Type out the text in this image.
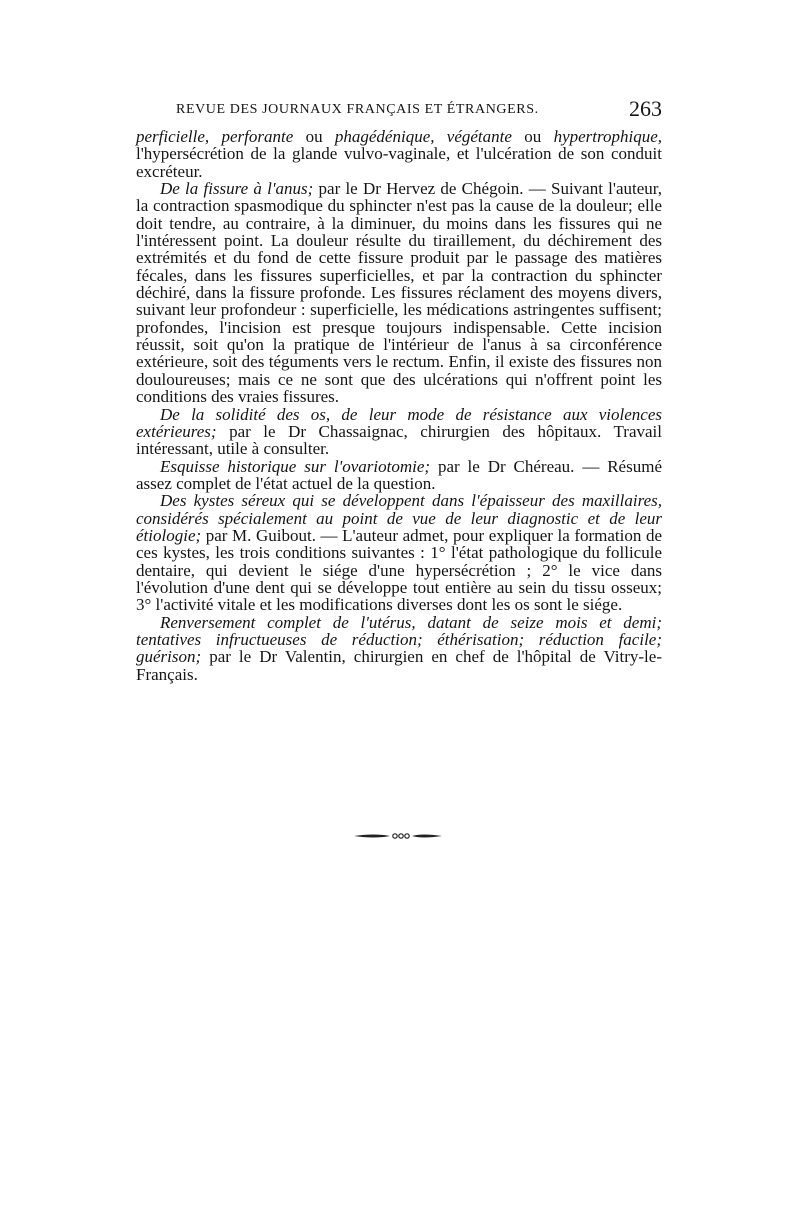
REVUE DES JOURNAUX FRANÇAIS ET ÉTRANGERS.	263

perficielle, perforante ou phagédénique, végétante ou hypertrophique, l'hypersécrétion de la glande vulvo-vaginale, et l'ulcération de son conduit excréteur.

De la fissure à l'anus; par le Dr Hervez de Chégoin. — Suivant l'auteur, la contraction spasmodique du sphincter n'est pas la cause de la douleur; elle doit tendre, au contraire, à la diminuer, du moins dans les fissures qui ne l'intéressent point. La douleur résulte du tiraillement, du déchirement des extrémités et du fond de cette fissure produit par le passage des matières fécales, dans les fissures superficielles, et par la contraction du sphincter déchiré, dans la fissure profonde. Les fissures réclament des moyens divers, suivant leur profondeur : superficielle, les médications astringentes suffisent; profondes, l'incision est presque toujours indispensable. Cette incision réussit, soit qu'on la pratique de l'intérieur de l'anus à sa circonférence extérieure, soit des téguments vers le rectum. Enfin, il existe des fissures non douloureuses; mais ce ne sont que des ulcérations qui n'offrent point les conditions des vraies fissures.

De la solidité des os, de leur mode de résistance aux violences extérieures; par le Dr Chassaignac, chirurgien des hôpitaux. Travail intéressant, utile à consulter.

Esquisse historique sur l'ovariotomie; par le Dr Chéreau. — Résumé assez complet de l'état actuel de la question.

Des kystes séreux qui se développent dans l'épaisseur des maxillaires, considérés spécialement au point de vue de leur diagnostic et de leur étiologie; par M. Guibout. — L'auteur admet, pour expliquer la formation de ces kystes, les trois conditions suivantes : 1° l'état pathologique du follicule dentaire, qui devient le siége d'une hypersécrétion ; 2° le vice dans l'évolution d'une dent qui se développe tout entière au sein du tissu osseux; 3° l'activité vitale et les modifications diverses dont les os sont le siége.

Renversement complet de l'utérus, datant de seize mois et demi; tentatives infructueuses de réduction; éthérisation; réduction facile; guérison; par le Dr Valentin, chirurgien en chef de l'hôpital de Vitry-le-Français.
